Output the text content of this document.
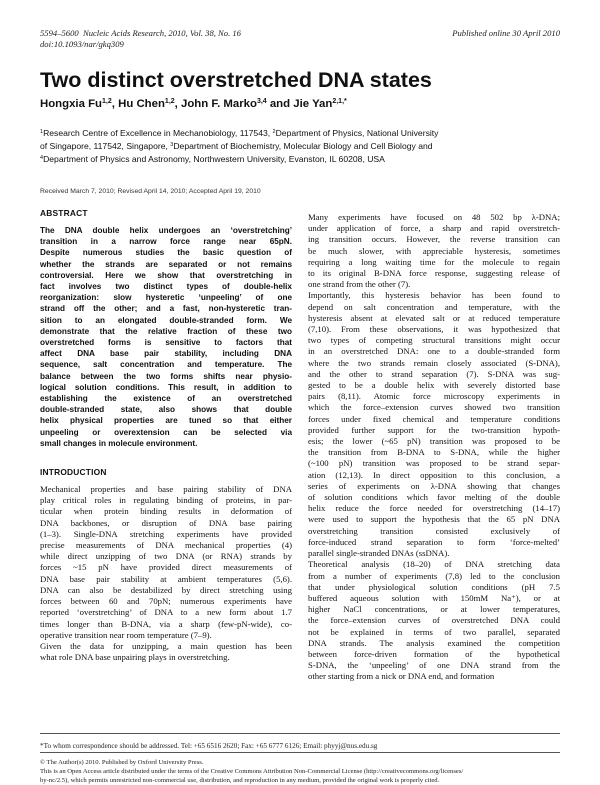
5594–5600 Nucleic Acids Research, 2010, Vol. 38, No. 16
doi:10.1093/nar/gkq309
Published online 30 April 2010
Two distinct overstretched DNA states
Hongxia Fu$^{1,2}$, Hu Chen$^{1,2}$, John F. Marko$^{3,4}$ and Jie Yan$^{2,1,*}$
$^1$Research Centre of Excellence in Mechanobiology, 117543, $^2$Department of Physics, National University
of Singapore, 117542, Singapore, $^3$Department of Biochemistry, Molecular Biology and Cell Biology and
$^4$Department of Physics and Astronomy, Northwestern University, Evanston, IL 60208, USA
Received March 7, 2010; Revised April 14, 2010; Accepted April 19, 2010
ABSTRACT
The DNA double helix undergoes an ‘overstretching’
transition in a narrow force range near 65pN.
Despite numerous studies the basic question of
whether the strands are separated or not remains
controversial. Here we show that overstretching in
fact involves two distinct types of double-helix
reorganization: slow hysteretic ‘unpeeling’ of one
strand off the other; and a fast, non-hysteretic tran-
sition to an elongated double-stranded form. We
demonstrate that the relative fraction of these two
overstretched forms is sensitive to factors that
affect DNA base pair stability, including DNA
sequence, salt concentration and temperature. The
balance between the two forms shifts near physio-
logical solution conditions. This result, in addition to
establishing the existence of an overstretched
double-stranded state, also shows that double
helix physical properties are tuned so that either
unpeeling or overextension can be selected via
small changes in molecule environment.
INTRODUCTION
Mechanical properties and base pairing stability of DNA
play critical roles in regulating binding of proteins, in par-
ticular when protein binding results in deformation of
DNA backbones, or disruption of DNA base pairing
(1–3). Single-DNA stretching experiments have provided
precise measurements of DNA mechanical properties (4)
while direct unzipping of two DNA (or RNA) strands by
forces ~15 pN have provided direct measurements of
DNA base pair stability at ambient temperatures (5,6).
DNA can also be destabilized by direct stretching using
forces between 60 and 70pN; numerous experiments have
reported ‘overstretching’ of DNA to a new form about 1.7
times longer than B-DNA, via a sharp (few-pN-wide), co-
operative transition near room temperature (7–9).
Given the data for unzipping, a main question has been
what role DNA base unpairing plays in overstretching.
Many experiments have focused on 48 502 bp λ-DNA;
under application of force, a sharp and rapid overstretch-
ing transition occurs. However, the reverse transition can
be much slower, with appreciable hysteresis, sometimes
requiring a long waiting time for the molecule to regain
to its original B-DNA force response, suggesting release of
one strand from the other (7).
Importantly, this hysteresis behavior has been found to
depend on salt concentration and temperature, with the
hysteresis absent at elevated salt or at reduced temperature
(7,10). From these observations, it was hypothesized that
two types of competing structural transitions might occur
in an overstretched DNA: one to a double-stranded form
where the two strands remain closely associated (S-DNA),
and the other to strand separation (7). S-DNA was sug-
gested to be a double helix with severely distorted base
pairs (8,11). Atomic force microscopy experiments in
which the force–extension curves showed two transition
forces under fixed chemical and temperature conditions
provided further support for the two-transition hypoth-
esis; the lower (~65 pN) transition was proposed to be
the transition from B-DNA to S-DNA, while the higher
(~100 pN) transition was proposed to be strand separ-
ation (12,13). In direct opposition to this conclusion, a
series of experiments on λ-DNA showing that changes
of solution conditions which favor melting of the double
helix reduce the force needed for overstretching (14–17)
were used to support the hypothesis that the 65 pN DNA
overstretching transition consisted exclusively of
force-induced strand separation to form ‘force-melted’
parallel single-stranded DNAs (ssDNA).
Theoretical analysis (18–20) of DNA stretching data
from a number of experiments (7,8) led to the conclusion
that under physiological solution conditions (pH 7.5
buffered aqueous solution with 150mM Na⁺), or at
higher NaCl concentrations, or at lower temperatures,
the force–extension curves of overstretched DNA could
not be explained in terms of two parallel, separated
DNA strands. The analysis examined the competition
between force-driven formation of the hypothetical
S-DNA, the ‘unpeeling’ of one DNA strand from the
other starting from a nick or DNA end, and formation
*To whom correspondence should be addressed. Tel: +65 6516 2620; Fax: +65 6777 6126; Email: phyyj@nus.edu.sg
© The Author(s) 2010. Published by Oxford University Press.
This is an Open Access article distributed under the terms of the Creative Commons Attribution Non-Commercial License (http://creativecommons.org/licenses/
by-nc/2.5), which permits unrestricted non-commercial use, distribution, and reproduction in any medium, provided the original work is properly cited.
